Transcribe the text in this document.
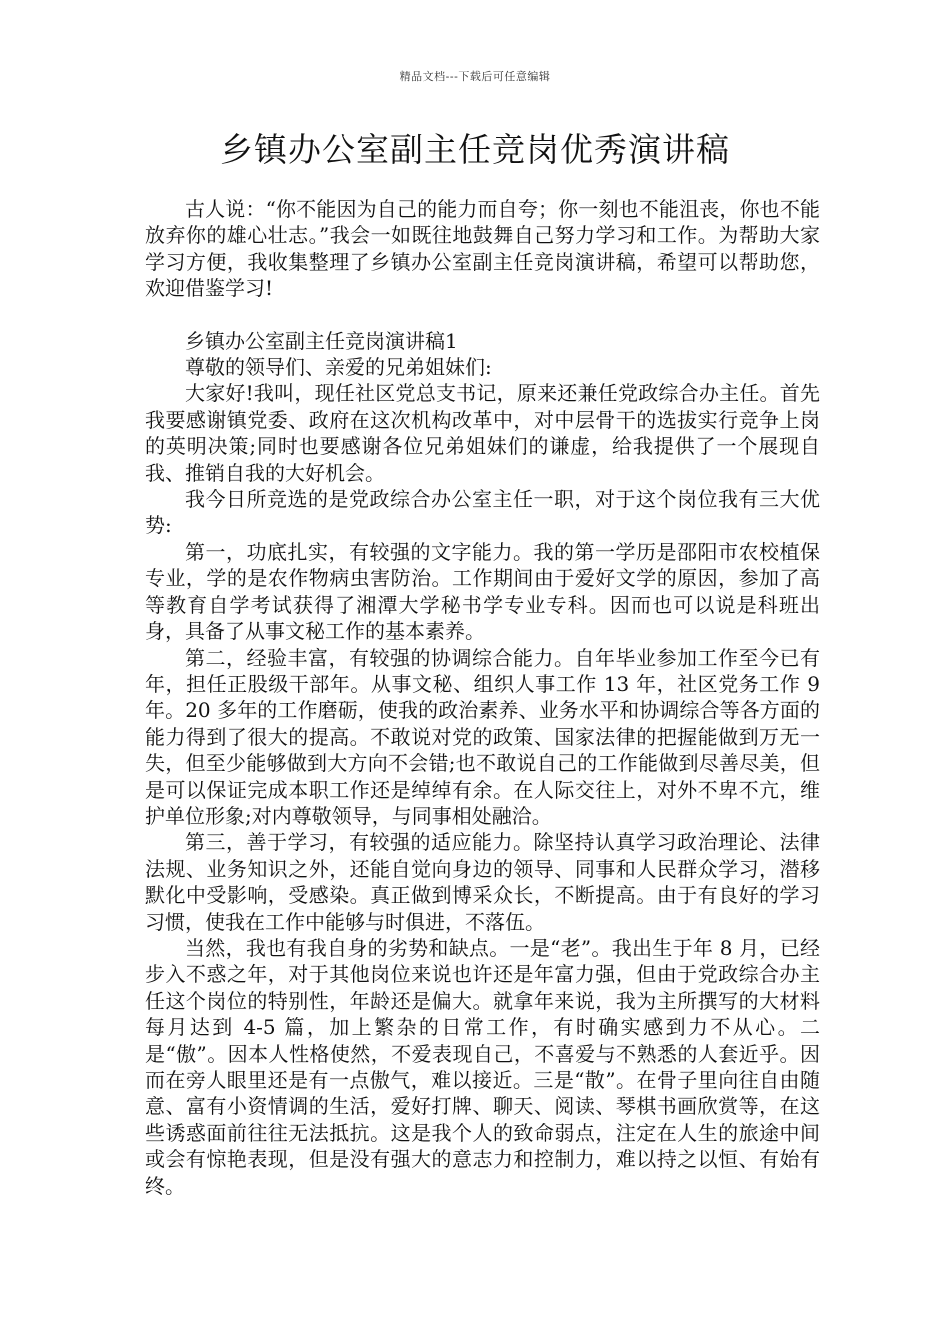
精品文档---下载后可任意编辑
乡镇办公室副主任竞岗优秀演讲稿

古人说：“你不能因为自己的能力而自夸；你一刻也不能沮丧，你也不能放弃你的雄心壮志。”我会一如既往地鼓舞自己努力学习和工作。为帮助大家学习方便，我收集整理了乡镇办公室副主任竞岗演讲稿，希望可以帮助您，欢迎借鉴学习!

乡镇办公室副主任竞岗演讲稿1

尊敬的领导们、亲爱的兄弟姐妹们:

大家好!我叫，现任社区党总支书记，原来还兼任党政综合办主任。首先我要感谢镇党委、政府在这次机构改革中，对中层骨干的选拔实行竞争上岗的英明决策;同时也要感谢各位兄弟姐妹们的谦虚，给我提供了一个展现自我、推销自我的大好机会。

我今日所竞选的是党政综合办公室主任一职，对于这个岗位我有三大优势:

第一，功底扎实，有较强的文字能力。我的第一学历是邵阳市农校植保专业，学的是农作物病虫害防治。工作期间由于爱好文学的原因，参加了高等教育自学考试获得了湘潭大学秘书学专业专科。因而也可以说是科班出身，具备了从事文秘工作的基本素养。

第二，经验丰富，有较强的协调综合能力。自年毕业参加工作至今已有年，担任正股级干部年。从事文秘、组织人事工作 13 年，社区党务工作 9 年。20 多年的工作磨砺，使我的政治素养、业务水平和协调综合等各方面的能力得到了很大的提高。不敢说对党的政策、国家法律的把握能做到万无一失，但至少能够做到大方向不会错;也不敢说自己的工作能做到尽善尽美，但是可以保证完成本职工作还是绰绰有余。在人际交往上，对外不卑不亢，维护单位形象;对内尊敬领导，与同事相处融洽。

第三，善于学习，有较强的适应能力。除坚持认真学习政治理论、法律法规、业务知识之外，还能自觉向身边的领导、同事和人民群众学习，潜移默化中受影响，受感染。真正做到博采众长，不断提高。由于有良好的学习习惯，使我在工作中能够与时俱进，不落伍。

当然，我也有我自身的劣势和缺点。一是“老”。我出生于年 8 月，已经步入不惑之年，对于其他岗位来说也许还是年富力强，但由于党政综合办主任这个岗位的特别性，年龄还是偏大。就拿年来说，我为主所撰写的大材料每月达到 4-5 篇，加上繁杂的日常工作，有时确实感到力不从心。二是“傲”。因本人性格使然，不爱表现自己，不喜爱与不熟悉的人套近乎。因而在旁人眼里还是有一点傲气，难以接近。三是“散”。在骨子里向往自由随意、富有小资情调的生活，爱好打牌、聊天、阅读、琴棋书画欣赏等，在这些诱惑面前往往无法抵抗。这是我个人的致命弱点，注定在人生的旅途中间或会有惊艳表现，但是没有强大的意志力和控制力，难以持之以恒、有始有终。
